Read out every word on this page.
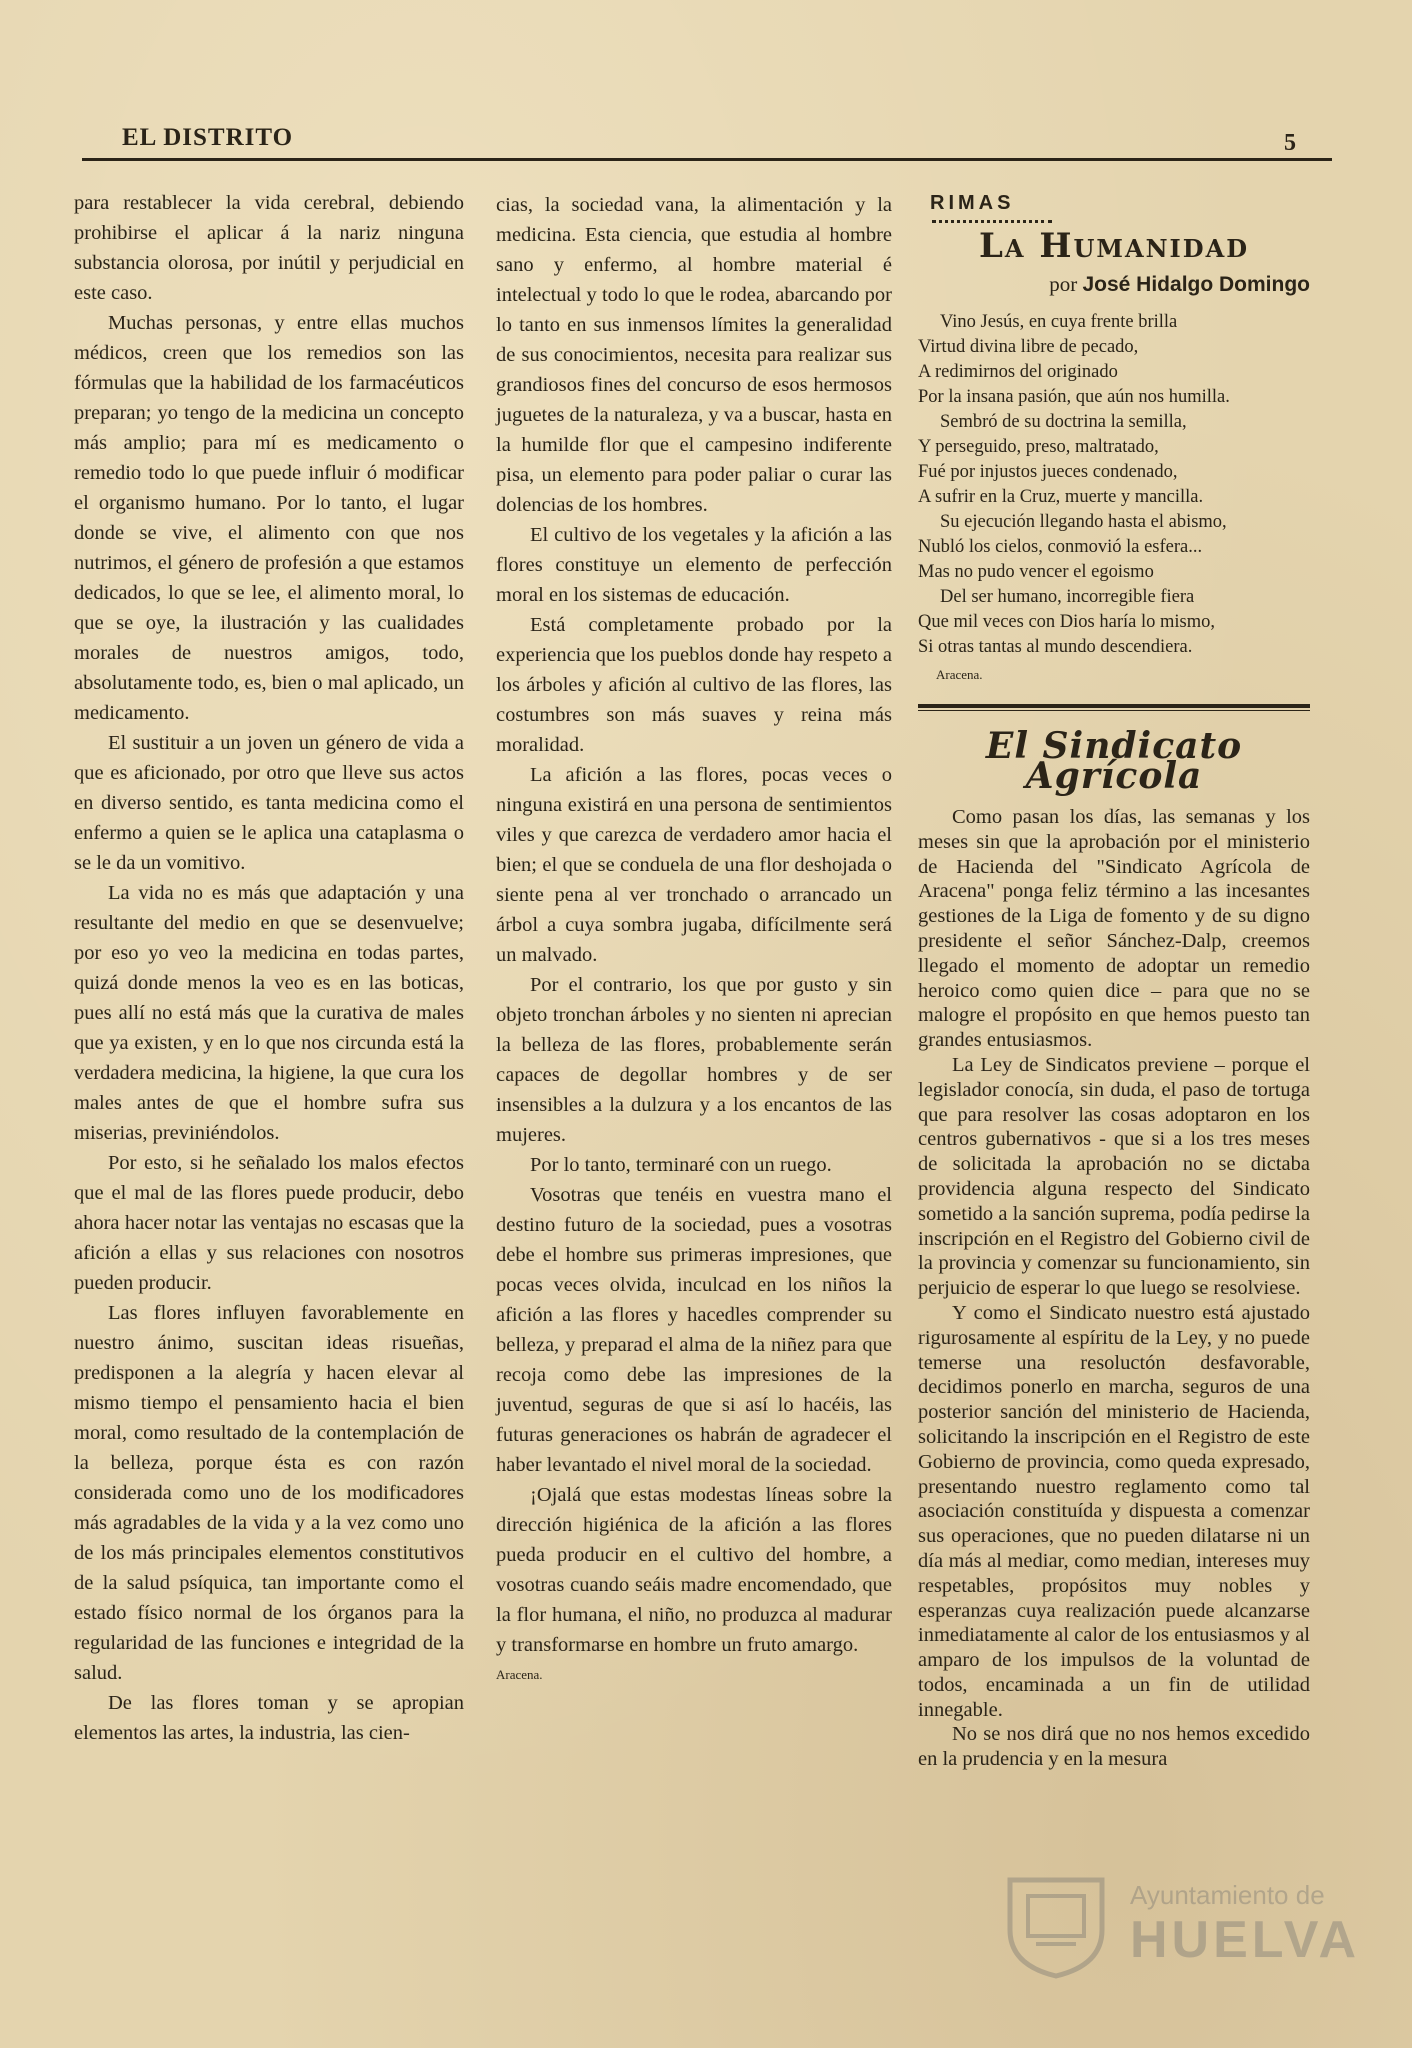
EL DISTRITO	5

para restablecer la vida cerebral, debiendo prohibirse el aplicar á la nariz ninguna substancia olorosa, por inútil y perjudicial en este caso.

Muchas personas, y entre ellas muchos médicos, creen que los remedios son las fórmulas que la habilidad de los farmacéuticos preparan; yo tengo de la medicina un concepto más amplio; para mí es medicamento o remedio todo lo que puede influir ó modificar el organismo humano. Por lo tanto, el lugar donde se vive, el alimento con que nos nutrimos, el género de profesión a que estamos dedicados, lo que se lee, el alimento moral, lo que se oye, la ilustración y las cualidades morales de nuestros amigos, todo, absolutamente todo, es, bien o mal aplicado, un medicamento.

El sustituir a un joven un género de vida a que es aficionado, por otro que lleve sus actos en diverso sentido, es tanta medicina como el enfermo a quien se le aplica una cataplasma o se le da un vomitivo.

La vida no es más que adaptación y una resultante del medio en que se desenvuelve; por eso yo veo la medicina en todas partes, quizá donde menos la veo es en las boticas, pues allí no está más que la curativa de males que ya existen, y en lo que nos circunda está la verdadera medicina, la higiene, la que cura los males antes de que el hombre sufra sus miserias, previniéndolos.

Por esto, si he señalado los malos efectos que el mal de las flores puede producir, debo ahora hacer notar las ventajas no escasas que la afición a ellas y sus relaciones con nosotros pueden producir.

Las flores influyen favorablemente en nuestro ánimo, suscitan ideas risueñas, predisponen a la alegría y hacen elevar al mismo tiempo el pensamiento hacia el bien moral, como resultado de la contemplación de la belleza, porque ésta es con razón considerada como uno de los modificadores más agradables de la vida y a la vez como uno de los más principales elementos constitutivos de la salud psíquica, tan importante como el estado físico normal de los órganos para la regularidad de las funciones e integridad de la salud.

De las flores toman y se apropian elementos las artes, la industria, las cien-

cias, la sociedad vana, la alimentación y la medicina. Esta ciencia, que estudia al hombre sano y enfermo, al hombre material é intelectual y todo lo que le rodea, abarcando por lo tanto en sus inmensos límites la generalidad de sus conocimientos, necesita para realizar sus grandiosos fines del concurso de esos hermosos juguetes de la naturaleza, y va a buscar, hasta en la humilde flor que el campesino indiferente pisa, un elemento para poder paliar o curar las dolencias de los hombres.

El cultivo de los vegetales y la afición a las flores constituye un elemento de perfección moral en los sistemas de educación.

Está completamente probado por la experiencia que los pueblos donde hay respeto a los árboles y afición al cultivo de las flores, las costumbres son más suaves y reina más moralidad.

La afición a las flores, pocas veces o ninguna existirá en una persona de sentimientos viles y que carezca de verdadero amor hacia el bien; el que se conduela de una flor deshojada o siente pena al ver tronchado o arrancado un árbol a cuya sombra jugaba, difícilmente será un malvado.

Por el contrario, los que por gusto y sin objeto tronchan árboles y no sienten ni aprecian la belleza de las flores, probablemente serán capaces de degollar hombres y de ser insensibles a la dulzura y a los encantos de las mujeres.

Por lo tanto, terminaré con un ruego.

Vosotras que tenéis en vuestra mano el destino futuro de la sociedad, pues a vosotras debe el hombre sus primeras impresiones, que pocas veces olvida, inculcad en los niños la afición a las flores y hacedles comprender su belleza, y preparad el alma de la niñez para que recoja como debe las impresiones de la juventud, seguras de que si así lo hacéis, las futuras generaciones os habrán de agradecer el haber levantado el nivel moral de la sociedad.

¡Ojalá que estas modestas líneas sobre la dirección higiénica de la afición a las flores pueda producir en el cultivo del hombre, a vosotras cuando seáis madre encomendado, que la flor humana, el niño, no produzca al madurar y transformarse en hombre un fruto amargo.

Aracena.

RIMAS
La Humanidad
por José Hidalgo Domingo
Vino Jesús, en cuya frente brilla
Virtud divina libre de pecado,
A redimirnos del originado
Por la insana pasión, que aún nos humilla.
Sembró de su doctrina la semilla,
Y perseguido, preso, maltratado,
Fué por injustos jueces condenado,
A sufrir en la Cruz, muerte y mancilla.
Su ejecución llegando hasta el abismo,
Nubló los cielos, conmovió la esfera...
Mas no pudo vencer el egoismo
Del ser humano, incorregible fiera
Que mil veces con Dios haría lo mismo,
Si otras tantas al mundo descendiera.

Aracena.

El Sindicato Agrícola

Como pasan los días, las semanas y los meses sin que la aprobación por el ministerio de Hacienda del "Sindicato Agrícola de Aracena" ponga feliz término a las incesantes gestiones de la Liga de fomento y de su digno presidente el señor Sánchez-Dalp, creemos llegado el momento de adoptar un remedio heroico como quien dice – para que no se malogre el propósito en que hemos puesto tan grandes entusiasmos.

La Ley de Sindicatos previene – porque el legislador conocía, sin duda, el paso de tortuga que para resolver las cosas adoptaron en los centros gubernativos - que si a los tres meses de solicitada la aprobación no se dictaba providencia alguna respecto del Sindicato sometido a la sanción suprema, podía pedirse la inscripción en el Registro del Gobierno civil de la provincia y comenzar su funcionamiento, sin perjuicio de esperar lo que luego se resolviese.

Y como el Sindicato nuestro está ajustado rigurosamente al espíritu de la Ley, y no puede temerse una resoluctón desfavorable, decidimos ponerlo en marcha, seguros de una posterior sanción del ministerio de Hacienda, solicitando la inscripción en el Registro de este Gobierno de provincia, como queda expresado, presentando nuestro reglamento como tal asociación constituída y dispuesta a comenzar sus operaciones, que no pueden dilatarse ni un día más al mediar, como median, intereses muy respetables, propósitos muy nobles y esperanzas cuya realización puede alcanzarse inmediatamente al calor de los entusiasmos y al amparo de los impulsos de la voluntad de todos, encaminada a un fin de utilidad innegable.

No se nos dirá que no nos hemos excedido en la prudencia y en la mesura

Ayuntamiento de
HUELVA
